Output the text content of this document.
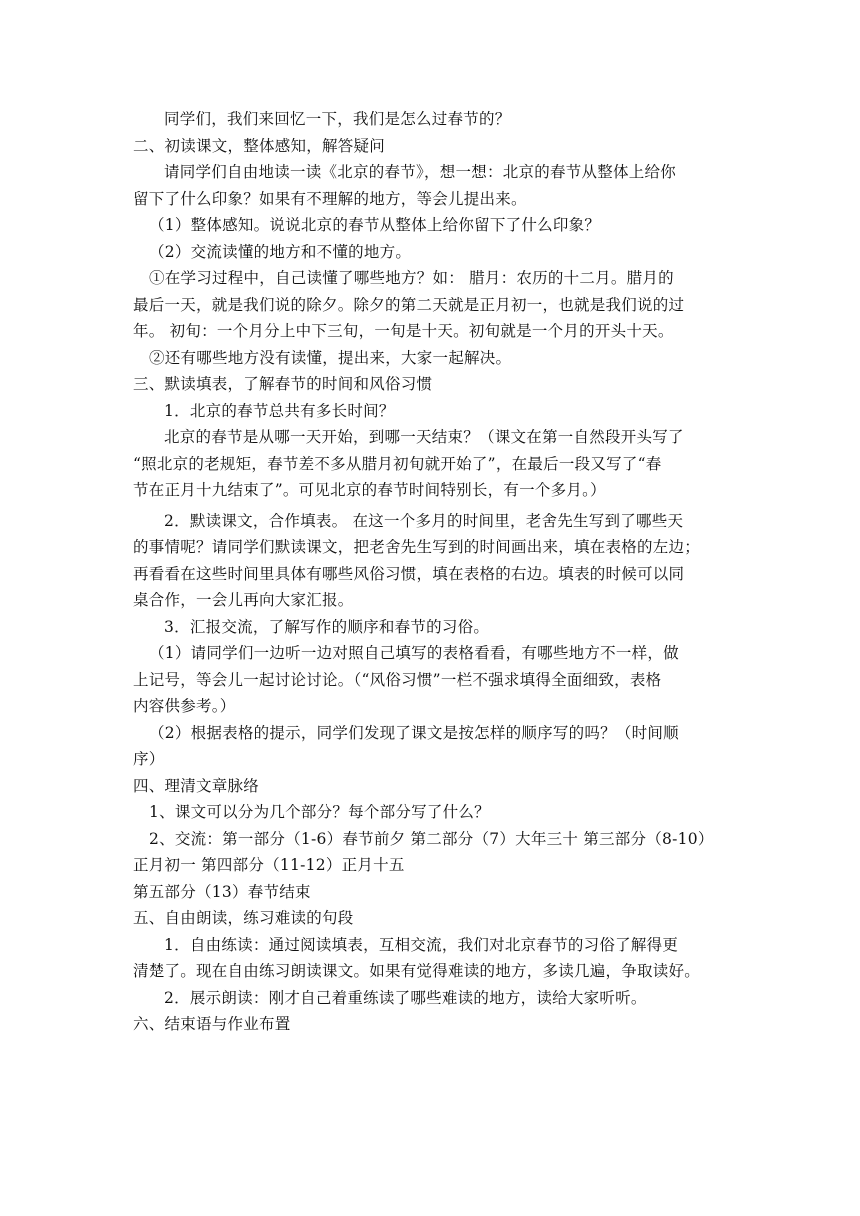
同学们，我们来回忆一下，我们是怎么过春节的？
二、初读课文，整体感知，解答疑问
请同学们自由地读一读《北京的春节》，想一想：北京的春节从整体上给你
留下了什么印象？如果有不理解的地方，等会儿提出来。
（1）整体感知。说说北京的春节从整体上给你留下了什么印象？
（2）交流读懂的地方和不懂的地方。
①在学习过程中，自己读懂了哪些地方？如： 腊月：农历的十二月。腊月的
最后一天，就是我们说的除夕。除夕的第二天就是正月初一，也就是我们说的过
年。 初旬：一个月分上中下三旬，一旬是十天。初旬就是一个月的开头十天。
②还有哪些地方没有读懂，提出来，大家一起解决。
三、默读填表，了解春节的时间和风俗习惯
1．北京的春节总共有多长时间？
北京的春节是从哪一天开始，到哪一天结束？（课文在第一自然段开头写了
“照北京的老规矩，春节差不多从腊月初旬就开始了”，在最后一段又写了“春
节在正月十九结束了”。可见北京的春节时间特别长，有一个多月。）
2．默读课文，合作填表。 在这一个多月的时间里，老舍先生写到了哪些天
的事情呢？请同学们默读课文，把老舍先生写到的时间画出来，填在表格的左边；
再看看在这些时间里具体有哪些风俗习惯，填在表格的右边。填表的时候可以同
桌合作，一会儿再向大家汇报。
3．汇报交流，了解写作的顺序和春节的习俗。
（1）请同学们一边听一边对照自己填写的表格看看，有哪些地方不一样，做
上记号，等会儿一起讨论讨论。（“风俗习惯”一栏不强求填得全面细致，表格
内容供参考。）
（2）根据表格的提示，同学们发现了课文是按怎样的顺序写的吗？（时间顺
序）
四、理清文章脉络
1、课文可以分为几个部分？每个部分写了什么？
2、交流：第一部分（1-6）春节前夕 第二部分（7）大年三十 第三部分（8-10）
正月初一 第四部分（11-12）正月十五
第五部分（13）春节结束
五、自由朗读，练习难读的句段
1．自由练读：通过阅读填表，互相交流，我们对北京春节的习俗了解得更
清楚了。现在自由练习朗读课文。如果有觉得难读的地方，多读几遍，争取读好。
2．展示朗读：刚才自己着重练读了哪些难读的地方，读给大家听听。
六、结束语与作业布置
